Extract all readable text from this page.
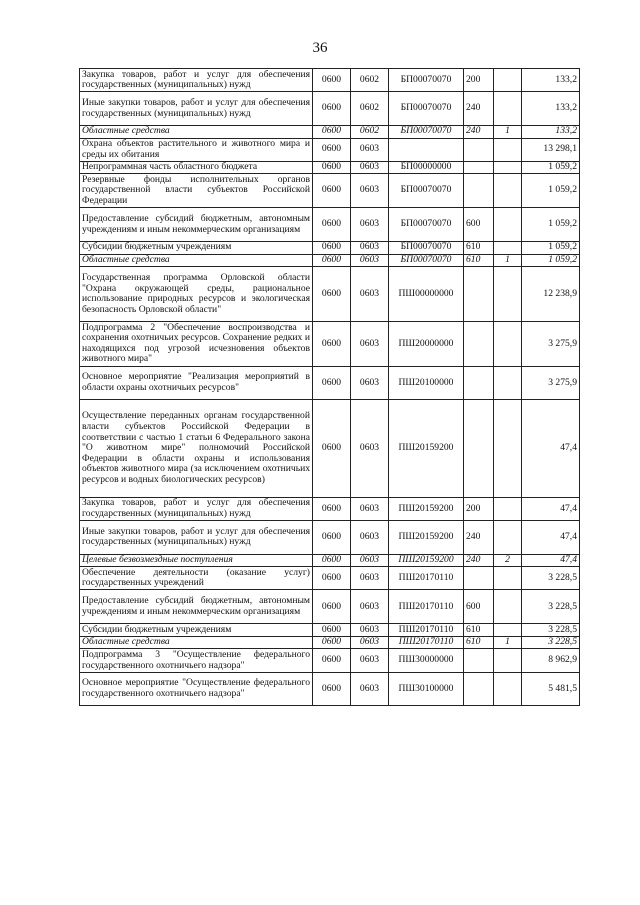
36
Закупка товаров, работ и услуг для обеспечения государственных (муниципальных) нужд	0600	0602	БП00070070	200		133,2
Иные закупки товаров, работ и услуг для обеспечения государственных (муниципальных) нужд	0600	0602	БП00070070	240		133,2
Областные средства	0600	0602	БП00070070	240	1	133,2
Охрана объектов растительного и животного мира и среды их обитания	0600	0603				13 298,1
Непрограммная часть областного бюджета	0600	0603	БП00000000			1 059,2
Резервные фонды исполнительных органов государственной власти субъектов Российской Федерации	0600	0603	БП00070070			1 059,2
Предоставление субсидий бюджетным, автономным учреждениям и иным некоммерческим организациям	0600	0603	БП00070070	600		1 059,2
Субсидии бюджетным учреждениям	0600	0603	БП00070070	610		1 059,2
Областные средства	0600	0603	БП00070070	610	1	1 059,2
Государственная программа Орловской области "Охрана окружающей среды, рациональное использование природных ресурсов и экологическая безопасность Орловской области"	0600	0603	ПШ00000000			12 238,9
Подпрограмма 2 "Обеспечение воспроизводства и сохранения охотничьих ресурсов. Сохранение редких и находящихся под угрозой исчезновения объектов животного мира"	0600	0603	ПШ20000000			3 275,9
Основное мероприятие "Реализация мероприятий в области охраны охотничьих ресурсов"	0600	0603	ПШ20100000			3 275,9
Осуществление переданных органам государственной власти субъектов Российской Федерации в соответствии с частью 1 статьи 6 Федерального закона "О животном мире" полномочий Российской Федерации в области охраны и использования объектов животного мира (за исключением охотничьих ресурсов и водных биологических ресурсов)	0600	0603	ПШ20159200			47,4
Закупка товаров, работ и услуг для обеспечения государственных (муниципальных) нужд	0600	0603	ПШ20159200	200		47,4
Иные закупки товаров, работ и услуг для обеспечения государственных (муниципальных) нужд	0600	0603	ПШ20159200	240		47,4
Целевые безвозмездные поступления	0600	0603	ПШ20159200	240	2	47,4
Обеспечение деятельности (оказание услуг) государственных учреждений	0600	0603	ПШ20170110			3 228,5
Предоставление субсидий бюджетным, автономным учреждениям и иным некоммерческим организациям	0600	0603	ПШ20170110	600		3 228,5
Субсидии бюджетным учреждениям	0600	0603	ПШ20170110	610		3 228,5
Областные средства	0600	0603	ПШ20170110	610	1	3 228,5
Подпрограмма 3 "Осуществление федерального государственного охотничьего надзора"	0600	0603	ПШ30000000			8 962,9
Основное мероприятие "Осуществление федерального государственного охотничьего надзора"	0600	0603	ПШ30100000			5 481,5
